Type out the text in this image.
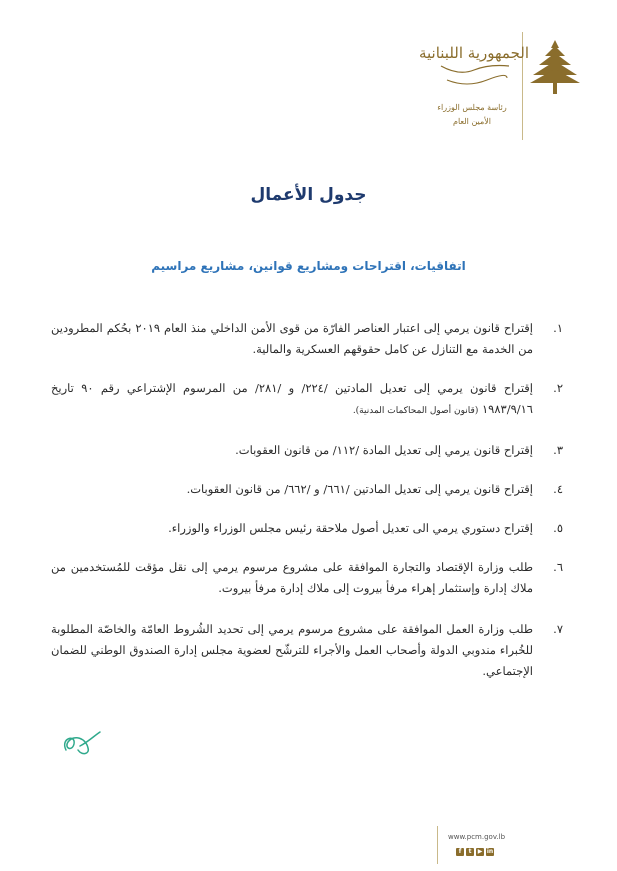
الجمهورية اللبنانية
رئاسة مجلس الوزراء
الأمين العام
جدول الأعمال
اتفاقيات، اقتراحات ومشاريع قوانين، مشاريع مراسيم
١.
إقتراح قانون يرمي إلى اعتبار العناصر الفارّة من قوى الأمن الداخلي منذ العام ٢٠١٩ بحُكم المطرودين من الخدمة مع التنازل عن كامل حقوقهم العسكرية والمالية.
٢.
إقتراح قانون يرمي إلى تعديل المادتين /٢٢٤/ و /٢٨١/ من المرسوم الإشتراعي رقم ٩٠ تاريخ ١٩٨٣/٩/١٦ (قانون أصول المحاكمات المدنية).
٣.
إقتراح قانون يرمي إلى تعديل المادة /١١٢/ من قانون العقوبات.
٤.
إقتراح قانون يرمي إلى تعديل المادتين /٦٦١/ و /٦٦٢/ من قانون العقوبات.
٥.
إقتراح دستوري يرمي الى تعديل أصول ملاحقة رئيس مجلس الوزراء والوزراء.
٦.
طلب وزارة الإقتصاد والتجارة الموافقة على مشروع مرسوم يرمي إلى نقل مؤقت للمُستخدمين من ملاك إدارة وإستثمار إهراء مرفأ بيروت إلى ملاك إدارة مرفأ بيروت.
٧.
طلب وزارة العمل الموافقة على مشروع مرسوم يرمي إلى تحديد الشُروط العامّة والخاصّة المطلوبة للخُبراء مندوبي الدولة وأصحاب العمل والأجراء للترشّح لعضوية مجلس إدارة الصندوق الوطني للضمان الإجتماعي.
www.pcm.gov.lb
f	t	▶ in
